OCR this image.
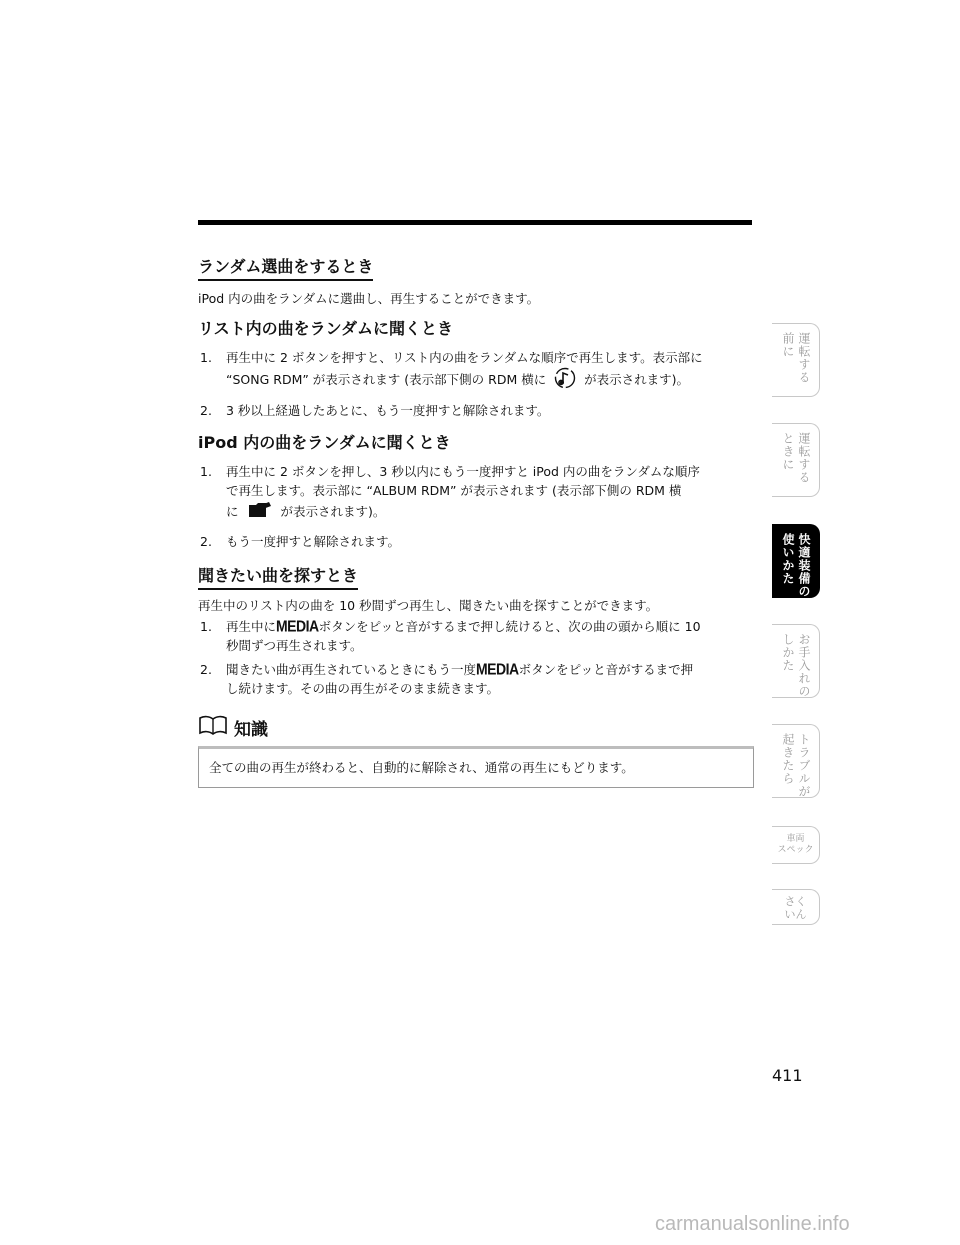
ランダム選曲をするとき

iPod 内の曲をランダムに選曲し、再生することができます。

リスト内の曲をランダムに聞くとき
1. 再生中に 2 ボタンを押すと、リスト内の曲をランダムな順序で再生します。表示部に
“SONG RDM” が表示されます (表示部下側の RDM 横に	が表示されます)。
2. 3 秒以上経過したあとに、もう一度押すと解除されます。
iPod 内の曲をランダムに聞くとき
1. 再生中に 2 ボタンを押し、3 秒以内にもう一度押すと iPod 内の曲をランダムな順序
で再生します。表示部に “ALBUM RDM” が表示されます (表示部下側の RDM 横
に	が表示されます)。
2. もう一度押すと解除されます。
聞きたい曲を探すとき

再生中のリスト内の曲を 10 秒間ずつ再生し、聞きたい曲を探すことができます。

1. 再生中にMEDIAボタンをピッと音がするまで押し続けると、次の曲の頭から順に 10
秒間ずつ再生されます。
2. 聞きたい曲が再生されているときにもう一度MEDIAボタンをピッと音がするまで押
し続けます。その曲の再生がそのまま続きます。
知識
全ての曲の再生が終わると、自動的に解除され、通常の再生にもどります。
運転する
前に
運転する
ときに
快適装備の
使いかた
お手入れの
しかた
トラブルが
起きたら
車両
スペック
さく
いん
411
carmanualsonline.info
